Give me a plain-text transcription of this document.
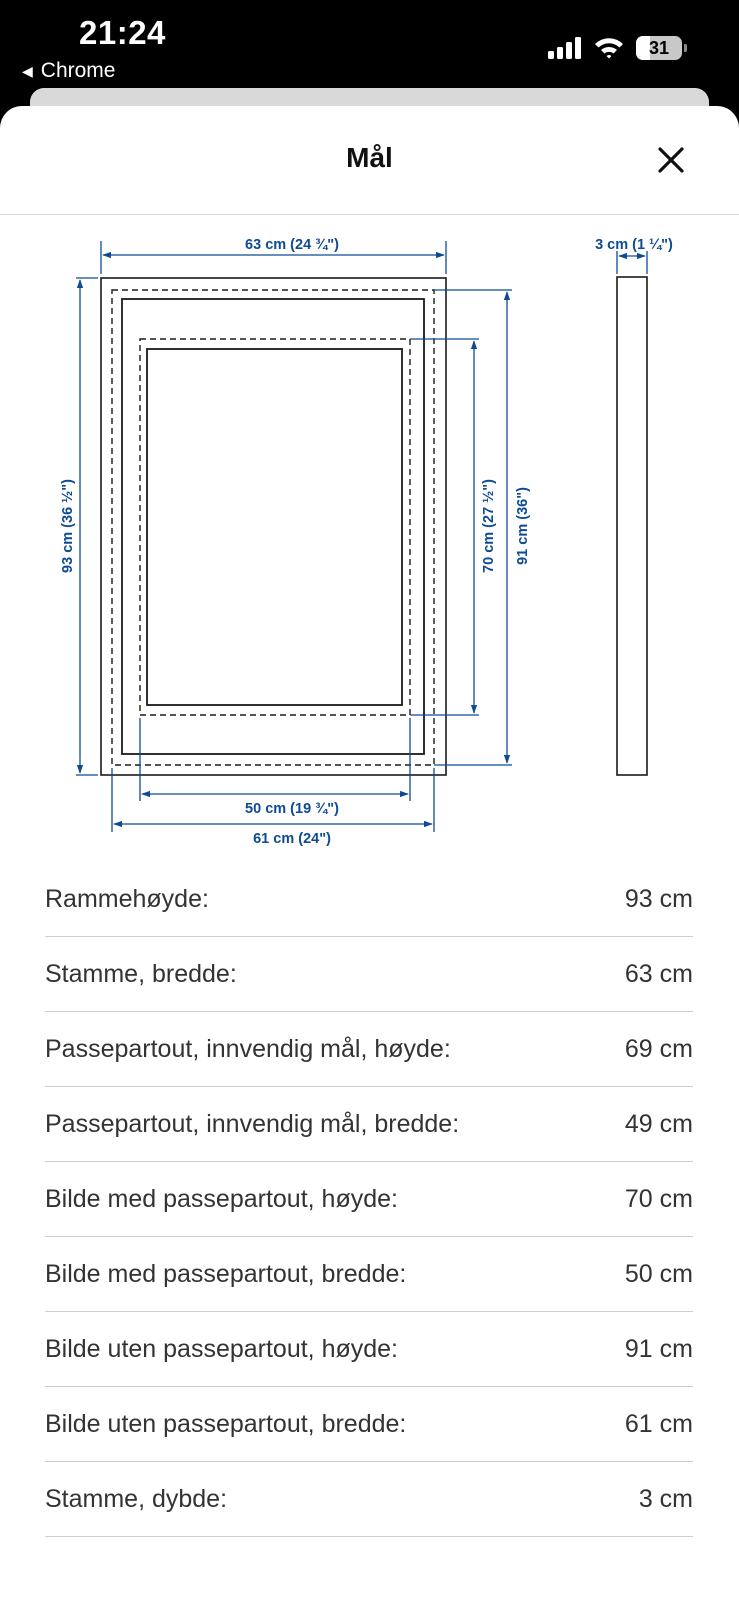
21:24
◀ Chrome
31
Mål
63 cm (24 ¾")	3 cm (1 ¼")
93 cm (36 ½")	70 cm (27 ½") 91 cm (36")
50 cm (19 ¾")
61 cm (24")
Rammehøyde:	93 cm
Stamme, bredde:	63 cm
Passepartout, innvendig mål, høyde:	69 cm
Passepartout, innvendig mål, bredde:	49 cm
Bilde med passepartout, høyde:	70 cm
Bilde med passepartout, bredde:	50 cm
Bilde uten passepartout, høyde:	91 cm
Bilde uten passepartout, bredde:	61 cm
Stamme, dybde:	3 cm
